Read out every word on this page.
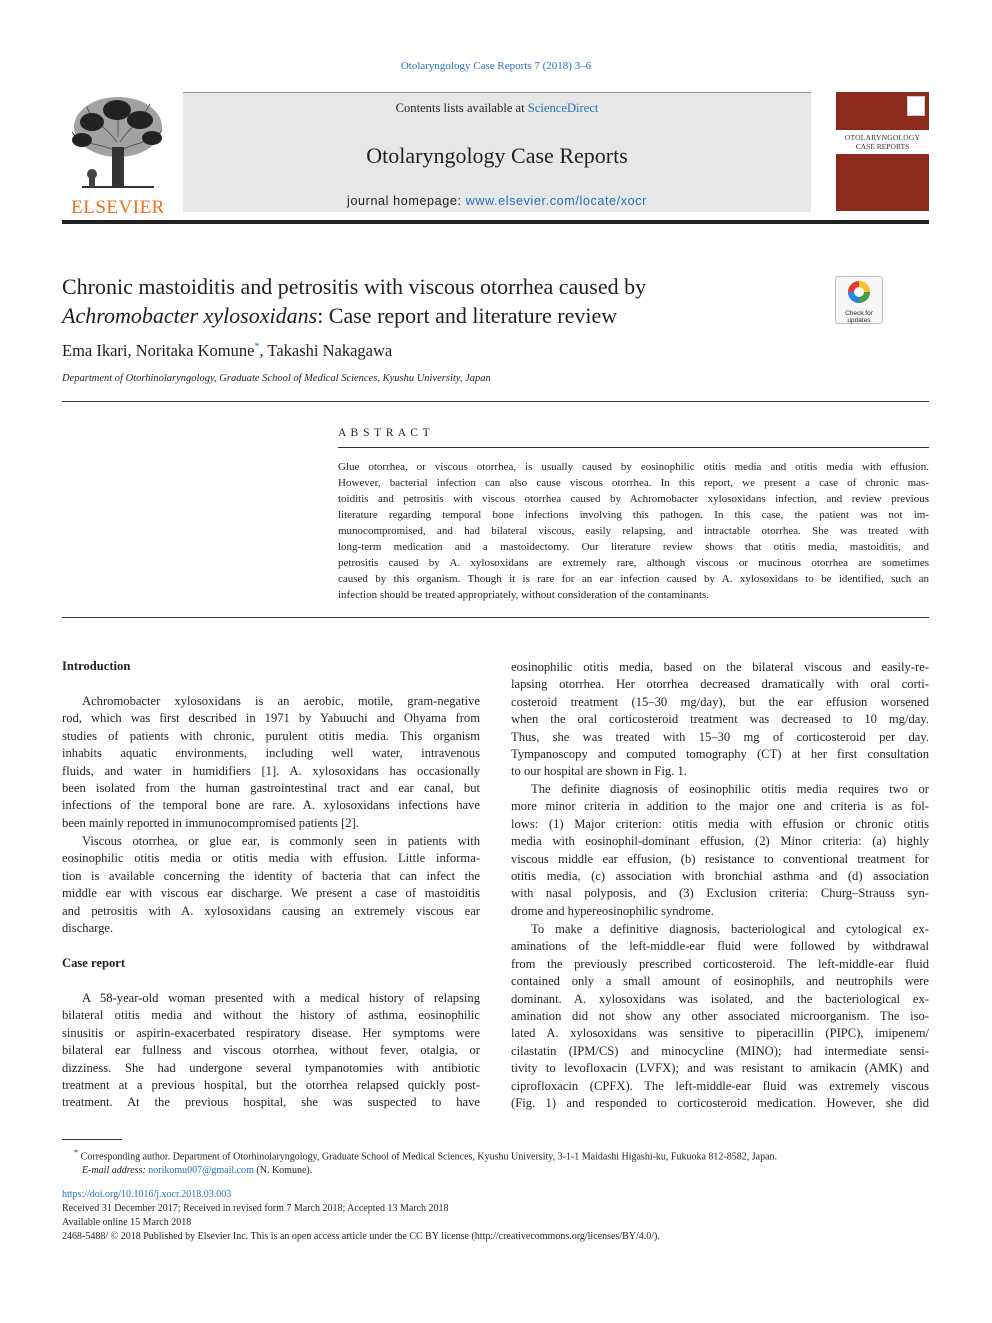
Otolaryngology Case Reports 7 (2018) 3–6
ELSEVIER
Contents lists available at ScienceDirect
Otolaryngology Case Reports
journal homepage: www.elsevier.com/locate/xocr
OTOLARYNGOLOGY
CASE REPORTS
Chronic mastoiditis and petrositis with viscous otorrhea caused by
Achromobacter xylosoxidans: Case report and literature review	Check for
updates
Ema Ikari, Noritaka Komune*, Takashi Nakagawa
Department of Otorhinolaryngology, Graduate School of Medical Sciences, Kyushu University, Japan
A B S T R A C T
Glue otorrhea, or viscous otorrhea, is usually caused by eosinophilic otitis media and otitis media with effusion.
However, bacterial infection can also cause viscous otorrhea. In this report, we present a case of chronic mas-
toiditis and petrositis with viscous otorrhea caused by Achromobacter xylosoxidans infection, and review previous
literature regarding temporal bone infections involving this pathogen. In this case, the patient was not im-
munocompromised, and had bilateral viscous, easily relapsing, and intractable otorrhea. She was treated with
long-term medication and a mastoidectomy. Our literature review shows that otitis media, mastoiditis, and
petrositis caused by A. xylosoxidans are extremely rare, although viscous or mucinous otorrhea are sometimes
caused by this organism. Though it is rare for an ear infection caused by A. xylosoxidans to be identified, such an
infection should be treated appropriately, without consideration of the contaminants.
Introduction
Achromobacter xylosoxidans is an aerobic, motile, gram-negative
rod, which was first described in 1971 by Yabuuchi and Ohyama from
studies of patients with chronic, purulent otitis media. This organism
inhabits aquatic environments, including well water, intravenous
fluids, and water in humidifiers [1]. A. xylosoxidans has occasionally
been isolated from the human gastrointestinal tract and ear canal, but
infections of the temporal bone are rare. A. xylosoxidans infections have
been mainly reported in immunocompromised patients [2].
Viscous otorrhea, or glue ear, is commonly seen in patients with
eosinophilic otitis media or otitis media with effusion. Little informa-
tion is available concerning the identity of bacteria that can infect the
middle ear with viscous ear discharge. We present a case of mastoiditis
and petrositis with A. xylosoxidans causing an extremely viscous ear
discharge.
Case report
A 58-year-old woman presented with a medical history of relapsing
bilateral otitis media and without the history of asthma, eosinophilic
sinusitis or aspirin-exacerbated respiratory disease. Her symptoms were
bilateral ear fullness and viscous otorrhea, without fever, otalgia, or
dizziness. She had undergone several tympanotomies with antibiotic
treatment at a previous hospital, but the otorrhea relapsed quickly post-
treatment. At the previous hospital, she was suspected to have
eosinophilic otitis media, based on the bilateral viscous and easily-re-
lapsing otorrhea. Her otorrhea decreased dramatically with oral corti-
costeroid treatment (15–30 mg/day), but the ear effusion worsened
when the oral corticosteroid treatment was decreased to 10 mg/day.
Thus, she was treated with 15–30 mg of corticosteroid per day.
Tympanoscopy and computed tomography (CT) at her first consultation
to our hospital are shown in Fig. 1.
The definite diagnosis of eosinophilic otitis media requires two or
more minor criteria in addition to the major one and criteria is as fol-
lows: (1) Major criterion: otitis media with effusion or chronic otitis
media with eosinophil-dominant effusion, (2) Minor criteria: (a) highly
viscous middle ear effusion, (b) resistance to conventional treatment for
otitis media, (c) association with bronchial asthma and (d) association
with nasal polyposis, and (3) Exclusion criteria: Churg–Strauss syn-
drome and hypereosinophilic syndrome.
To make a definitive diagnosis, bacteriological and cytological ex-
aminations of the left-middle-ear fluid were followed by withdrawal
from the previously prescribed corticosteroid. The left-middle-ear fluid
contained only a small amount of eosinophils, and neutrophils were
dominant. A. xylosoxidans was isolated, and the bacteriological ex-
amination did not show any other associated microorganism. The iso-
lated A. xylosoxidans was sensitive to piperacillin (PIPC), imipenem/
cilastatin (IPM/CS) and minocycline (MINO); had intermediate sensi-
tivity to levofloxacin (LVFX); and was resistant to amikacin (AMK) and
ciprofloxacin (CPFX). The left-middle-ear fluid was extremely viscous
(Fig. 1) and responded to corticosteroid medication. However, she did
* Corresponding author. Department of Otorhinolaryngology, Graduate School of Medical Sciences, Kyushu University, 3-1-1 Maidashi Higashi-ku, Fukuoka 812-8582, Japan.
E-mail address: norikomu007@gmail.com (N. Komune).
https://doi.org/10.1016/j.xocr.2018.03.003
Received 31 December 2017; Received in revised form 7 March 2018; Accepted 13 March 2018
Available online 15 March 2018
2468-5488/ © 2018 Published by Elsevier Inc. This is an open access article under the CC BY license (http://creativecommons.org/licenses/BY/4.0/).
